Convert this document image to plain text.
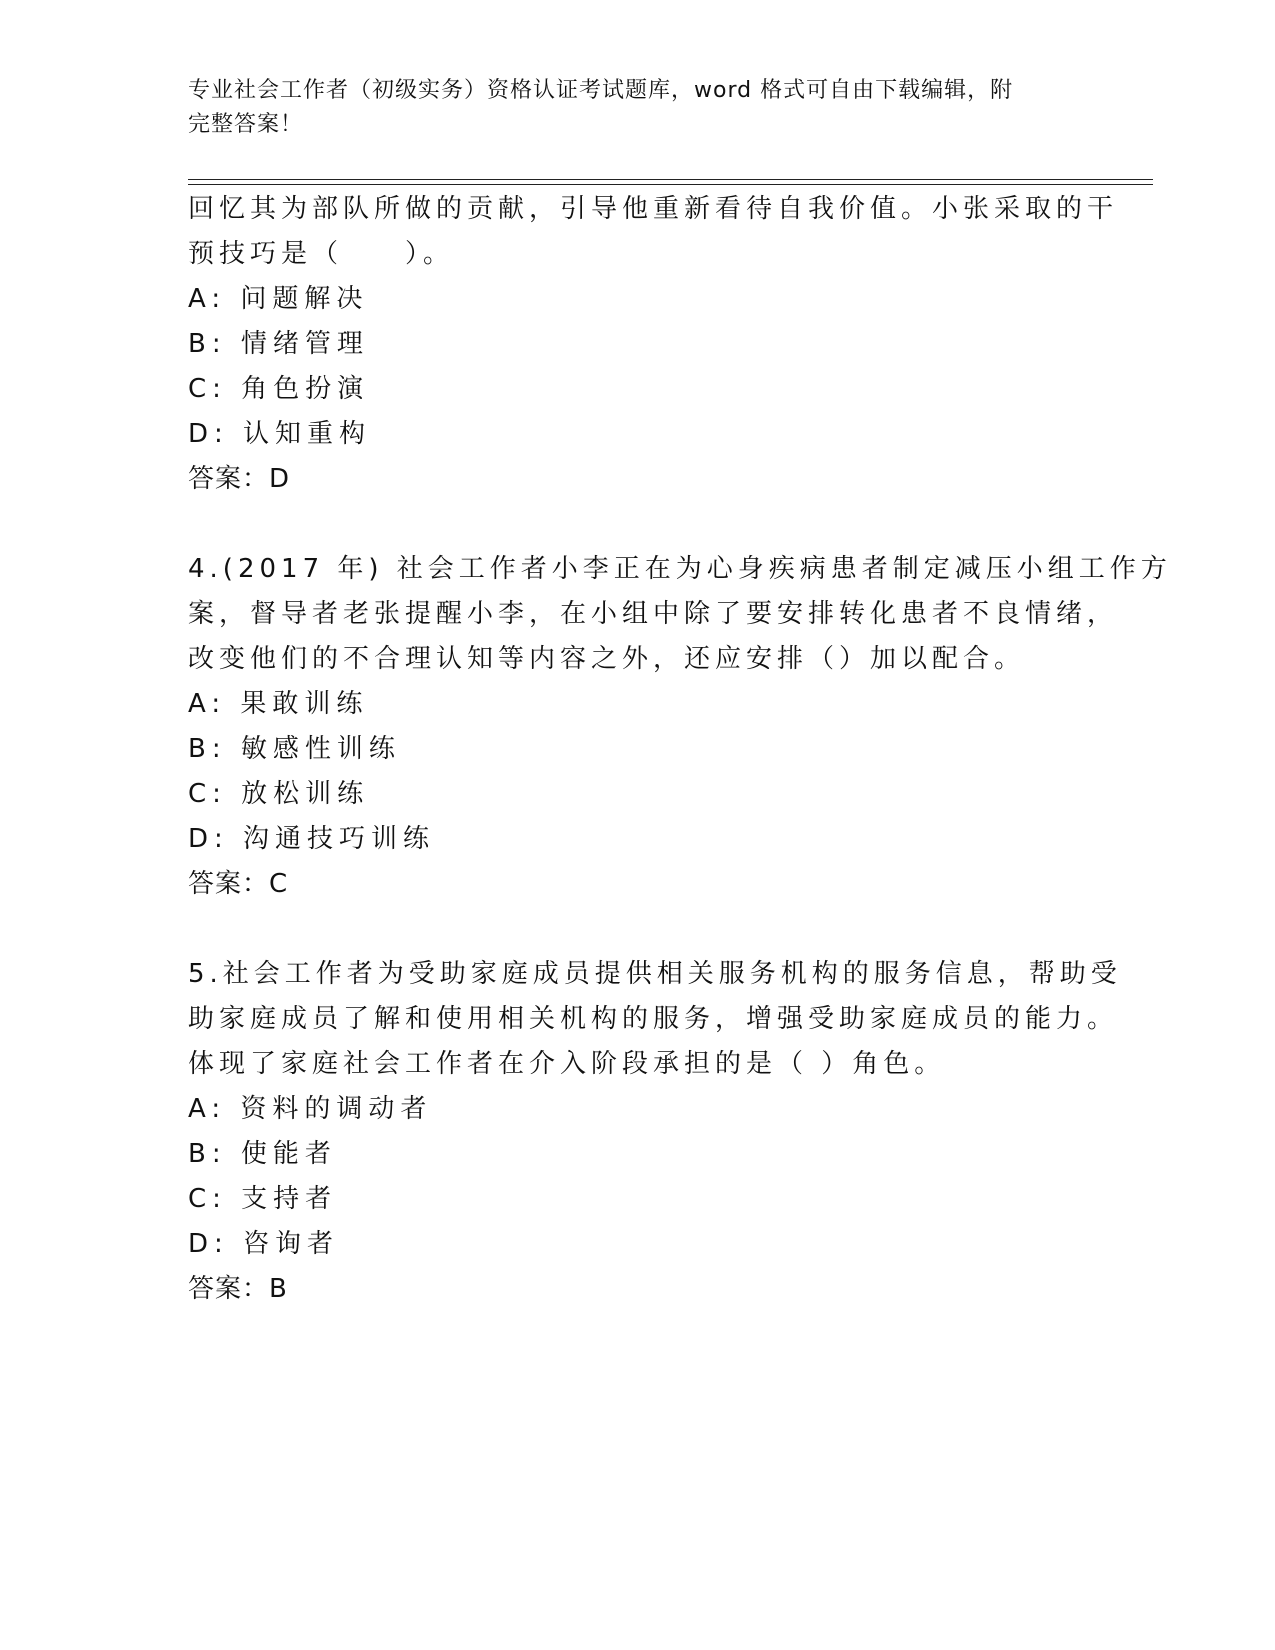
专业社会工作者（初级实务）资格认证考试题库，word 格式可自由下载编辑，附
完整答案！
回忆其为部队所做的贡献，引导他重新看待自我价值。小张采取的干
预技巧是（　　）。
A: 问题解决
B: 情绪管理
C: 角色扮演
D: 认知重构
答案：D
4.(2017 年) 社会工作者小李正在为心身疾病患者制定减压小组工作方
案，督导者老张提醒小李，在小组中除了要安排转化患者不良情绪，
改变他们的不合理认知等内容之外，还应安排（）加以配合。
A: 果敢训练
B: 敏感性训练
C: 放松训练
D: 沟通技巧训练
答案：C
5.社会工作者为受助家庭成员提供相关服务机构的服务信息，帮助受
助家庭成员了解和使用相关机构的服务，增强受助家庭成员的能力。
体现了家庭社会工作者在介入阶段承担的是（ ）角色。
A: 资料的调动者
B: 使能者
C: 支持者
D: 咨询者
答案：B
